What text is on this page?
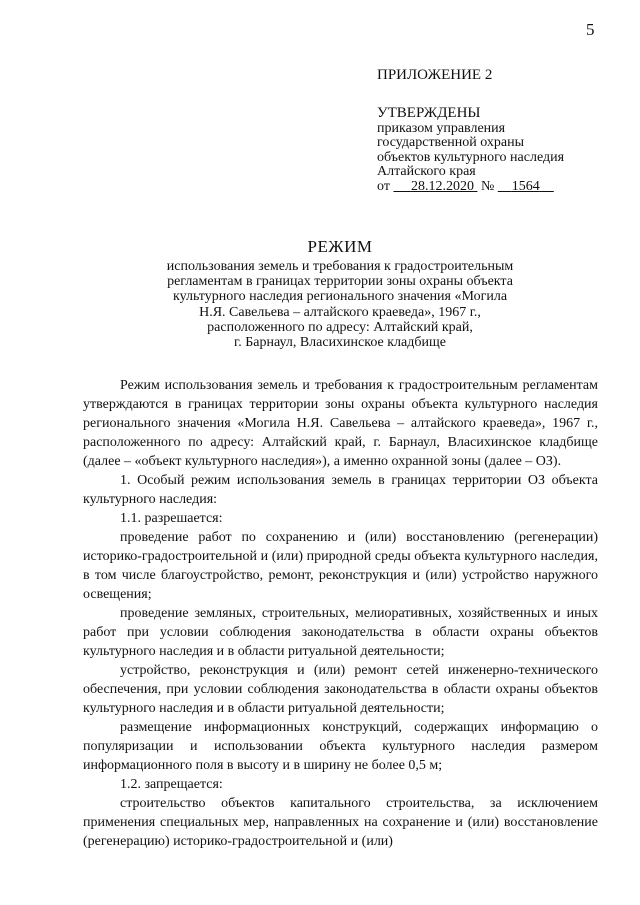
5
ПРИЛОЖЕНИЕ 2
УТВЕРЖДЕНЫ
приказом управления
государственной охраны
объектов культурного наследия
Алтайского края
от 28.12.2020 № 1564
РЕЖИМ
использования земель и требования к градостроительным
регламентам в границах территории зоны охраны объекта
культурного наследия регионального значения «Могила
Н.Я. Савельева – алтайского краеведа», 1967 г.,
расположенного по адресу: Алтайский край,
г. Барнаул, Власихинское кладбище

Режим использования земель и требования к градостроительным регламентам утверждаются в границах территории зоны охраны объекта культурного наследия регионального значения «Могила Н.Я. Савельева – алтайского краеведа», 1967 г., расположенного по адресу: Алтайский край, г. Барнаул, Власихинское кладбище (далее – «объект культурного наследия»), а именно охранной зоны (далее – ОЗ).

1. Особый режим использования земель в границах территории ОЗ объекта культурного наследия:

1.1. разрешается:

проведение работ по сохранению и (или) восстановлению (регенерации) историко-градостроительной и (или) природной среды объекта культурного наследия, в том числе благоустройство, ремонт, реконструкция и (или) устройство наружного освещения;

проведение земляных, строительных, мелиоративных, хозяйственных и иных работ при условии соблюдения законодательства в области охраны объектов культурного наследия и в области ритуальной деятельности;

устройство, реконструкция и (или) ремонт сетей инженерно-технического обеспечения, при условии соблюдения законодательства в области охраны объектов культурного наследия и в области ритуальной деятельности;

размещение информационных конструкций, содержащих информацию о популяризации и использовании объекта культурного наследия размером информационного поля в высоту и в ширину не более 0,5 м;

1.2. запрещается:

строительство объектов капитального строительства, за исключением применения специальных мер, направленных на сохранение и (или) восстановление (регенерацию) историко-градостроительной и (или)
